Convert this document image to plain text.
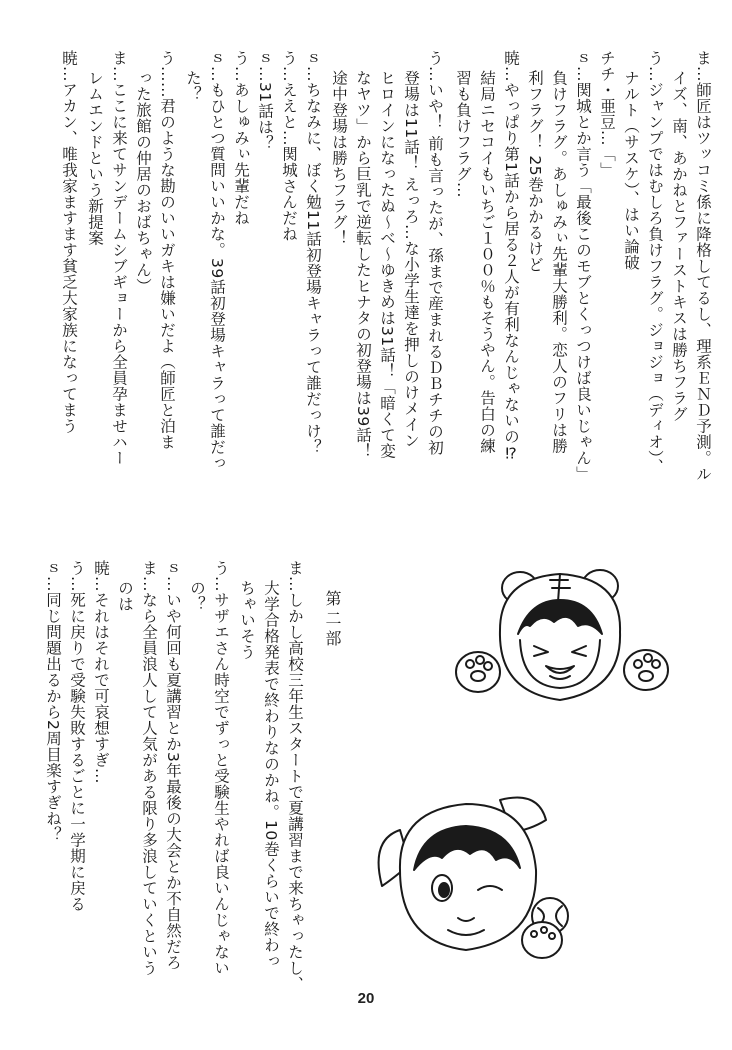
ま…師匠はツッコミ係に降格してるし、理系ＥＮＤ予測。ル
イズ、南、あかねとファーストキスは勝ちフラグ
う…ジャンプではむしろ負けフラグ。ジョジョ（ディオ）、
ナルト（サスケ）、はい論破
チチ・亜豆…「」
ｓ…関城とか言う「最後このモブとくっつけば良いじゃん」
負けフラグ。あしゅみぃ先輩大勝利。恋人のフリは勝
利フラグ！ 25巻かかるけど
暁…やっぱり第1話から居る２人が有利なんじゃないの⁉
結局ニセコイもいちご１００％もそうやん。告白の練
習も負けフラグ…
う…いや！ 前も言ったが、孫まで産まれるＤＢチチの初
登場は11話！ えっろ…な小学生達を押しのけメイン
ヒロインになったぬ〜べ〜ゆきめは31話！「暗くて変
なヤツ」から巨乳で逆転したヒナタの初登場は39話！
途中登場は勝ちフラグ！
ｓ…ちなみに、ぼく勉11話初登場キャラって誰だっけ？
う…ええと…関城さんだね
ｓ…31話は？
う…あしゅみぃ先輩だね
ｓ…もひとつ質問いいかな。39話初登場キャラって誰だっ
た？
う……君のような勘のいいガキは嫌いだよ（師匠と泊ま
った旅館の仲居のおばちゃん）
ま…ここに来てサンデームシブギョーから全員孕ませハー
レムエンドという新提案
暁…アカン、唯我家ますます貧乏大家族になってまう
第二部
ま…しかし高校三年生スタートで夏講習まで来ちゃったし、
大学合格発表で終わりなのかね。10巻くらいで終わっ
ちゃいそう
う…サザエさん時空でずっと受験生やれば良いんじゃない
の？
ｓ…いや何回も夏講習とか3年最後の大会とか不自然だろ
ま…なら全員浪人して人気がある限り多浪していくという
のは
暁…それはそれで可哀想すぎ…
う…死に戻りで受験失敗するごとに一学期に戻る
ｓ…同じ問題出るから2周目楽すぎね？
20
